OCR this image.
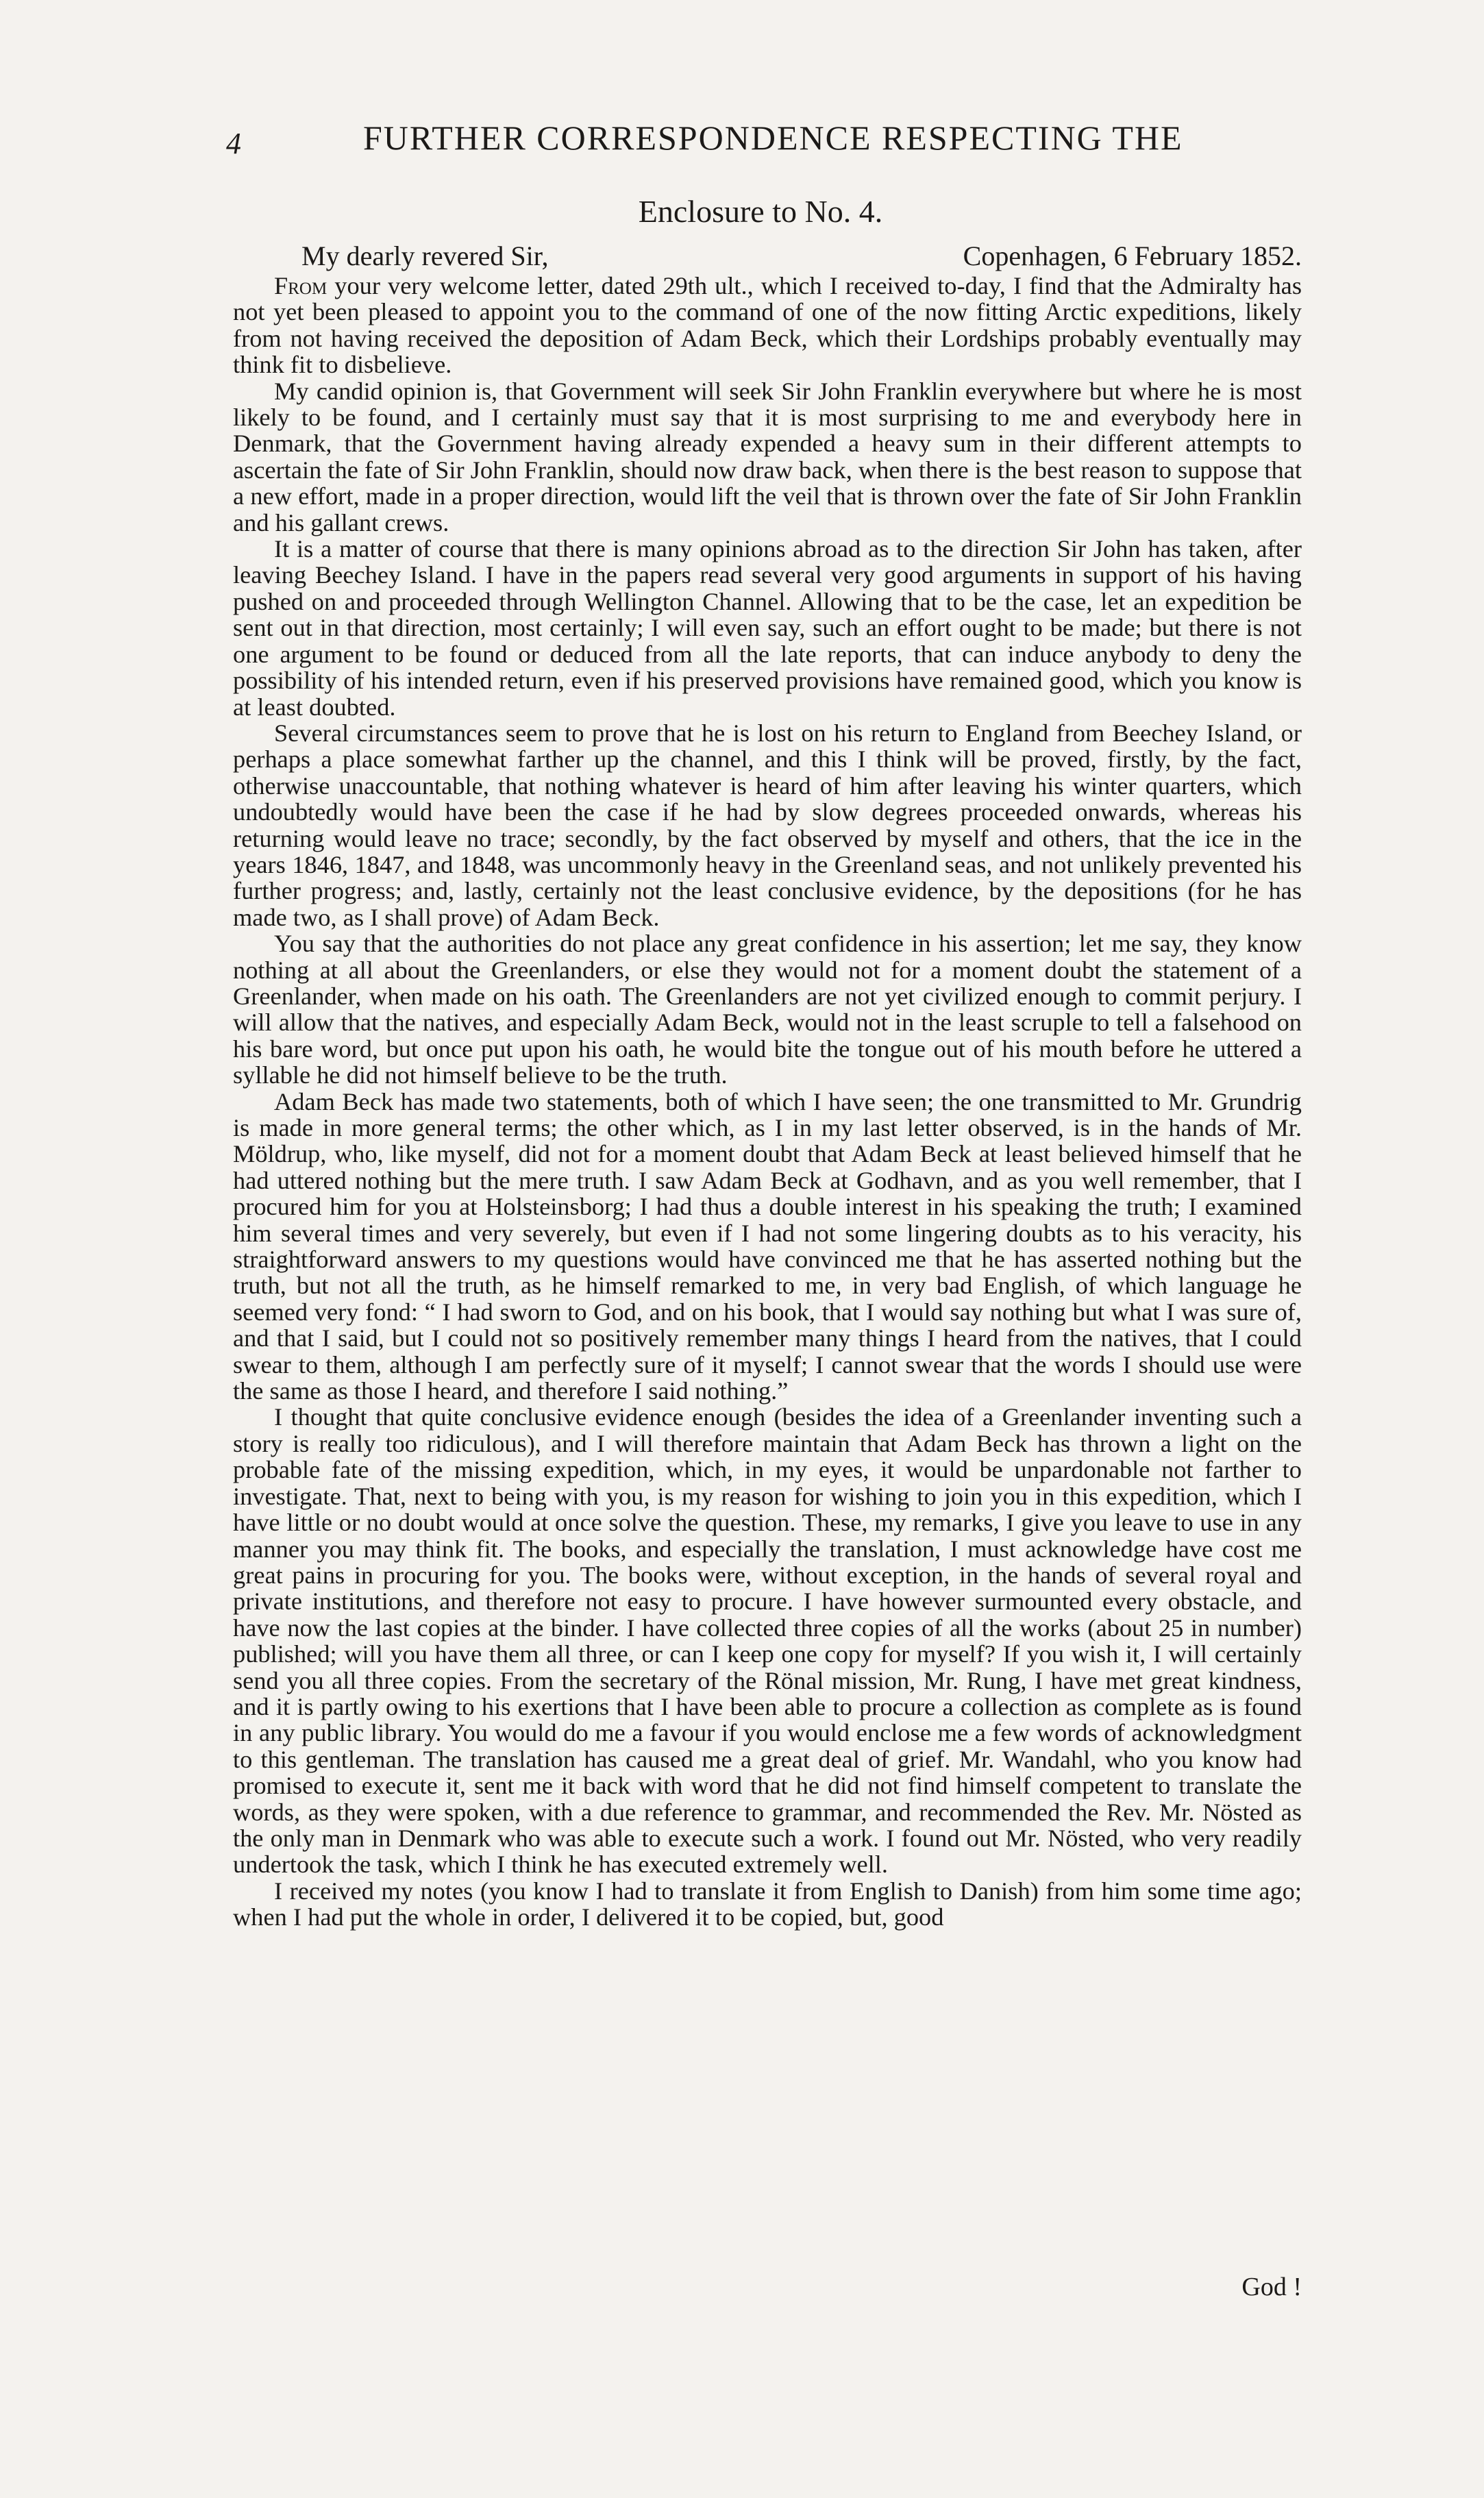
4	FURTHER CORRESPONDENCE RESPECTING THE
Enclosure to No. 4.
My dearly revered Sir,	Copenhagen, 6 February 1852.

From your very welcome letter, dated 29th ult., which I received to-day, I find that the Admiralty has not yet been pleased to appoint you to the command of one of the now fitting Arctic expeditions, likely from not having received the deposition of Adam Beck, which their Lordships probably eventually may think fit to disbelieve.

My candid opinion is, that Government will seek Sir John Franklin everywhere but where he is most likely to be found, and I certainly must say that it is most surprising to me and everybody here in Denmark, that the Government having already expended a heavy sum in their different attempts to ascertain the fate of Sir John Franklin, should now draw back, when there is the best reason to suppose that a new effort, made in a proper direction, would lift the veil that is thrown over the fate of Sir John Franklin and his gallant crews.

It is a matter of course that there is many opinions abroad as to the direction Sir John has taken, after leaving Beechey Island. I have in the papers read several very good arguments in support of his having pushed on and proceeded through Wellington Channel. Allowing that to be the case, let an expedition be sent out in that direction, most certainly; I will even say, such an effort ought to be made; but there is not one argument to be found or deduced from all the late reports, that can induce anybody to deny the possibility of his intended return, even if his preserved provisions have remained good, which you know is at least doubted.

Several circumstances seem to prove that he is lost on his return to England from Beechey Island, or perhaps a place somewhat farther up the channel, and this I think will be proved, firstly, by the fact, otherwise unaccountable, that nothing whatever is heard of him after leaving his winter quarters, which undoubtedly would have been the case if he had by slow degrees proceeded onwards, whereas his returning would leave no trace; secondly, by the fact observed by myself and others, that the ice in the years 1846, 1847, and 1848, was uncommonly heavy in the Greenland seas, and not unlikely prevented his further progress; and, lastly, certainly not the least conclusive evidence, by the depositions (for he has made two, as I shall prove) of Adam Beck.

You say that the authorities do not place any great confidence in his assertion; let me say, they know nothing at all about the Greenlanders, or else they would not for a moment doubt the statement of a Greenlander, when made on his oath. The Greenlanders are not yet civilized enough to commit perjury. I will allow that the natives, and especially Adam Beck, would not in the least scruple to tell a falsehood on his bare word, but once put upon his oath, he would bite the tongue out of his mouth before he uttered a syllable he did not himself believe to be the truth.

Adam Beck has made two statements, both of which I have seen; the one transmitted to Mr. Grundrig is made in more general terms; the other which, as I in my last letter observed, is in the hands of Mr. Möldrup, who, like myself, did not for a moment doubt that Adam Beck at least believed himself that he had uttered nothing but the mere truth. I saw Adam Beck at Godhavn, and as you well remember, that I procured him for you at Holsteinsborg; I had thus a double interest in his speaking the truth; I examined him several times and very severely, but even if I had not some lingering doubts as to his veracity, his straightforward answers to my questions would have convinced me that he has asserted nothing but the truth, but not all the truth, as he himself remarked to me, in very bad English, of which language he seemed very fond: “ I had sworn to God, and on his book, that I would say nothing but what I was sure of, and that I said, but I could not so positively remember many things I heard from the natives, that I could swear to them, although I am perfectly sure of it myself; I cannot swear that the words I should use were the same as those I heard, and therefore I said nothing.”

I thought that quite conclusive evidence enough (besides the idea of a Greenlander inventing such a story is really too ridiculous), and I will therefore maintain that Adam Beck has thrown a light on the probable fate of the missing expedition, which, in my eyes, it would be unpardonable not farther to investigate. That, next to being with you, is my reason for wishing to join you in this expedition, which I have little or no doubt would at once solve the question. These, my remarks, I give you leave to use in any manner you may think fit. The books, and especially the translation, I must acknowledge have cost me great pains in procuring for you. The books were, without exception, in the hands of several royal and private institutions, and therefore not easy to procure. I have however surmounted every obstacle, and have now the last copies at the binder. I have collected three copies of all the works (about 25 in number) published; will you have them all three, or can I keep one copy for myself? If you wish it, I will certainly send you all three copies. From the secretary of the Rönal mission, Mr. Rung, I have met great kindness, and it is partly owing to his exertions that I have been able to procure a collection as complete as is found in any public library. You would do me a favour if you would enclose me a few words of acknowledgment to this gentleman. The translation has caused me a great deal of grief. Mr. Wandahl, who you know had promised to execute it, sent me it back with word that he did not find himself competent to translate the words, as they were spoken, with a due reference to grammar, and recommended the Rev. Mr. Nösted as the only man in Denmark who was able to execute such a work. I found out Mr. Nösted, who very readily undertook the task, which I think he has executed extremely well.

I received my notes (you know I had to translate it from English to Danish) from him some time ago; when I had put the whole in order, I delivered it to be copied, but, good

God !
